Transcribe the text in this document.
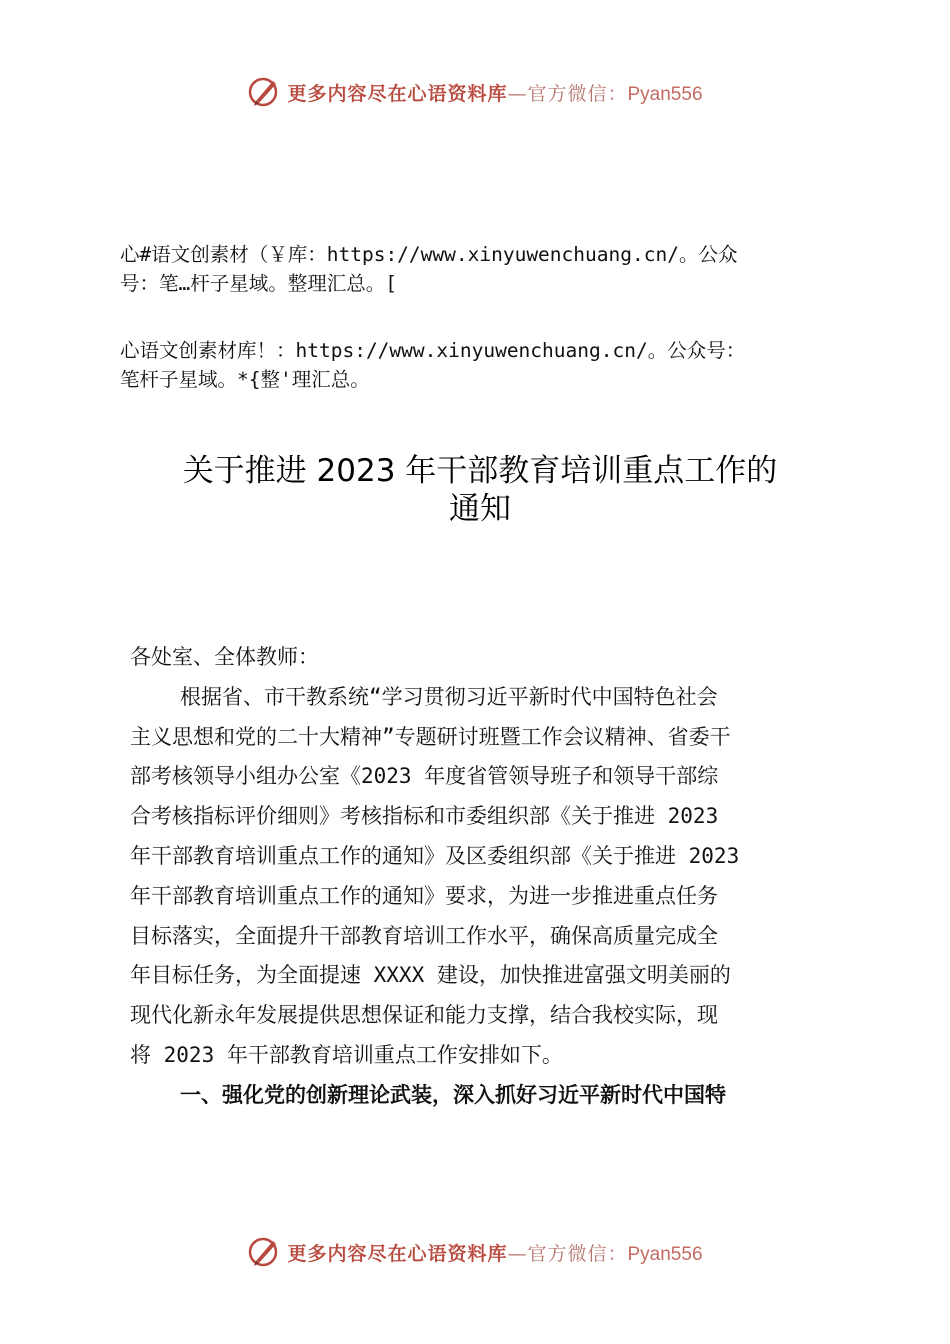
更多内容尽在心语资料库—官方微信：Pyan556
心#语文创素材（￥库：https://www.xinyuwenchuang.cn/。公众
号：笔…杆子星域。整理汇总。[
心语文创素材库！：https://www.xinyuwenchuang.cn/。公众号：
笔杆子星域。*{整'理汇总。
关于推进 2023 年干部教育培训重点工作的
通知

各处室、全体教师：

根据省、市干教系统“学习贯彻习近平新时代中国特色社会
主义思想和党的二十大精神”专题研讨班暨工作会议精神、省委干
部考核领导小组办公室《2023 年度省管领导班子和领导干部综
合考核指标评价细则》考核指标和市委组织部《关于推进 2023
年干部教育培训重点工作的通知》及区委组织部《关于推进 2023
年干部教育培训重点工作的通知》要求，为进一步推进重点任务
目标落实，全面提升干部教育培训工作水平，确保高质量完成全
年目标任务，为全面提速 XXXX 建设，加快推进富强文明美丽的
现代化新永年发展提供思想保证和能力支撑，结合我校实际，现
将 2023 年干部教育培训重点工作安排如下。

一、强化党的创新理论武装，深入抓好习近平新时代中国特

更多内容尽在心语资料库—官方微信：Pyan556
